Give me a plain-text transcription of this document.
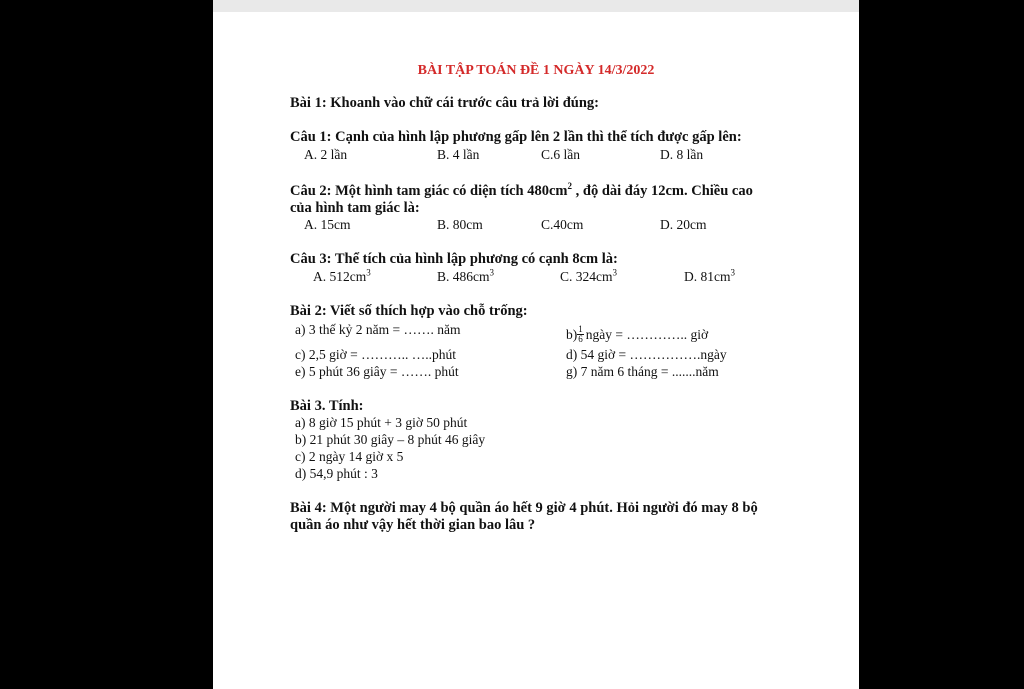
BÀI TẬP TOÁN ĐỀ 1 NGÀY 14/3/2022
Bài 1: Khoanh vào chữ cái trước câu trả lời đúng:
Câu 1: Cạnh của hình lập phương gấp lên 2 lần thì thể tích được gấp lên:
A. 2 lần	B. 4 lần	C.6 lần	D. 8 lần
Câu 2: Một hình tam giác có diện tích $480cm^2$ , độ dài đáy 12cm. Chiều cao
của hình tam giác là:
A. 15cm	B. 80cm	C.40cm	D. 20cm
Câu 3: Thể tích của hình lập phương có cạnh 8cm là:
A. $512cm^3$	B. $486cm^3$	C. $324cm^3$	D. $81cm^3$
Bài 2: Viết số thích hợp vào chỗ trống:
a) 3 thế kỷ 2 năm = ……. năm	$b) \frac{1}{6}$ ngày = ………….. giờ
c) 2,5 giờ = ……….. …..phút	d) 54 giờ = …………….ngày
e) 5 phút 36 giây = ……. phút	g) 7 năm 6 tháng = .......năm
Bài 3. Tính:
a) 8 giờ 15 phút + 3 giờ 50 phút
b) 21 phút 30 giây – 8 phút 46 giây
c) 2 ngày 14 giờ x 5
d) 54,9 phút : 3
Bài 4: Một người may 4 bộ quần áo hết 9 giờ 4 phút. Hỏi người đó may 8 bộ
quần áo như vậy hết thời gian bao lâu ?
